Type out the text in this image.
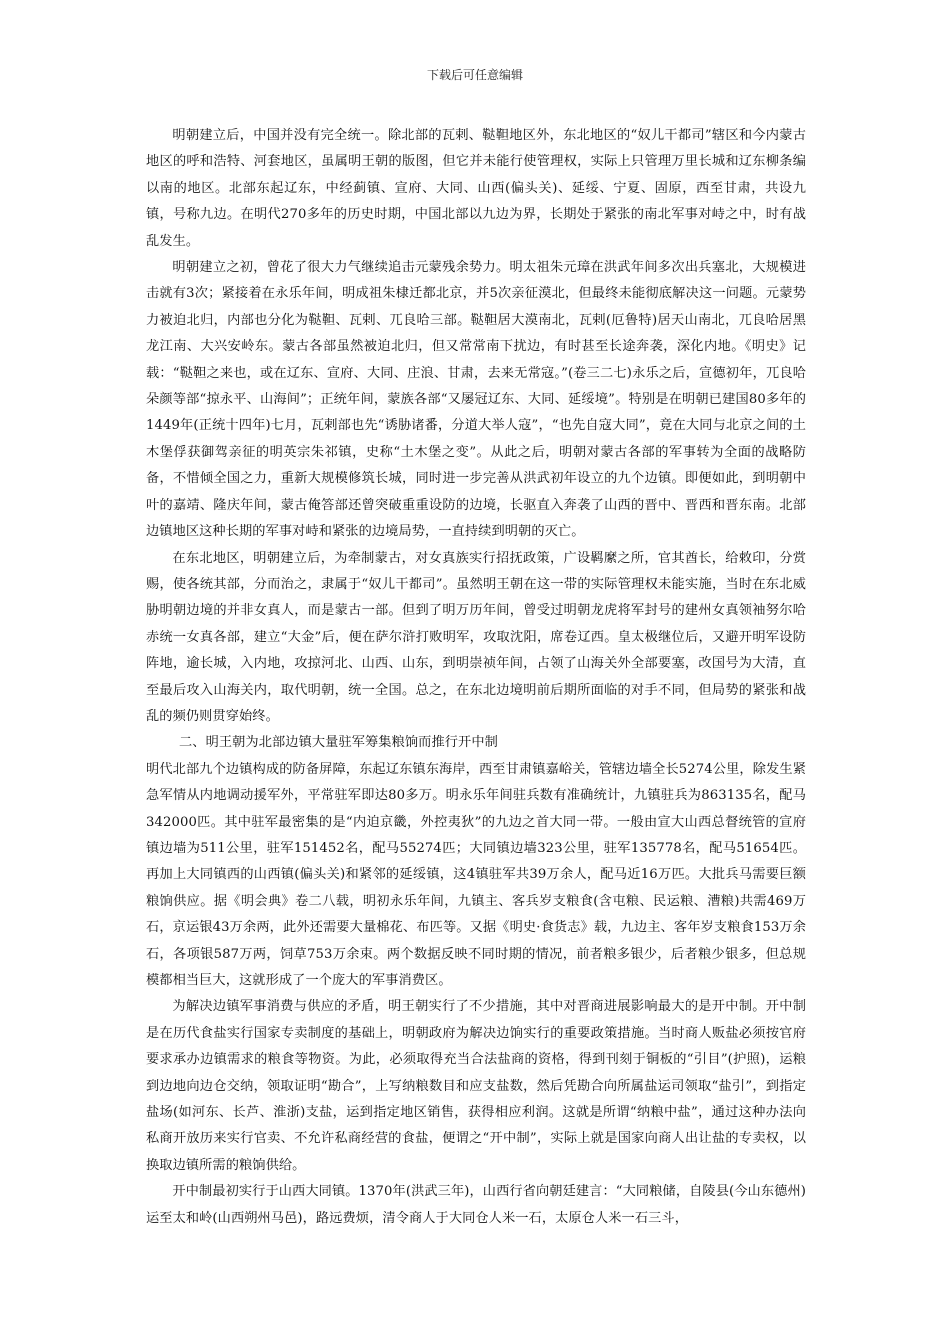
下载后可任意编辑

明朝建立后，中国并没有完全统一。除北部的瓦剌、鞑靼地区外，东北地区的“奴儿干都司”辖区和今内蒙古地区的呼和浩特、河套地区，虽属明王朝的版图，但它并未能行使管理权，实际上只管理万里长城和辽东柳条编以南的地区。北部东起辽东，中经蓟镇、宣府、大同、山西(偏头关)、延绥、宁夏、固原，西至甘肃，共设九镇，号称九边。在明代270多年的历史时期，中国北部以九边为界，长期处于紧张的南北军事对峙之中，时有战乱发生。

明朝建立之初，曾花了很大力气继续追击元蒙残余势力。明太祖朱元璋在洪武年间多次出兵塞北，大规模进击就有3次；紧接着在永乐年间，明成祖朱棣迁都北京，并5次亲征漠北，但最终未能彻底解决这一问题。元蒙势力被迫北归，内部也分化为鞑靼、瓦剌、兀良哈三部。鞑靼居大漠南北，瓦剌(厄鲁特)居天山南北，兀良哈居黑龙江南、大兴安岭东。蒙古各部虽然被迫北归，但又常常南下扰边，有时甚至长途奔袭，深化内地。《明史》记载：“鞑靼之来也，或在辽东、宣府、大同、庄浪、甘肃，去来无常寇。”(卷三二七)永乐之后，宣德初年，兀良哈朵颜等部“掠永平、山海间”；正统年间，蒙族各部“又屡冠辽东、大同、延绥境”。特别是在明朝已建国80多年的1449年(正统十四年)七月，瓦剌部也先“诱胁诸番，分道大举人寇”，“也先自寇大同”，竟在大同与北京之间的土木堡俘获御驾亲征的明英宗朱祁镇，史称“土木堡之变”。从此之后，明朝对蒙古各部的军事转为全面的战略防备，不惜倾全国之力，重新大规模修筑长城，同时进一步完善从洪武初年设立的九个边镇。即便如此，到明朝中叶的嘉靖、隆庆年间，蒙古俺答部还曾突破重重设防的边境，长驱直入奔袭了山西的晋中、晋西和晋东南。北部边镇地区这种长期的军事对峙和紧张的边境局势，一直持续到明朝的灭亡。

在东北地区，明朝建立后，为牵制蒙古，对女真族实行招抚政策，广设羁縻之所，官其酋长，给敕印，分赏赐，使各统其部，分而治之，隶属于“奴儿干都司”。虽然明王朝在这一带的实际管理权未能实施，当时在东北威胁明朝边境的并非女真人，而是蒙古一部。但到了明万历年间，曾受过明朝龙虎将军封号的建州女真领袖努尔哈赤统一女真各部，建立“大金”后，便在萨尔浒打败明军，攻取沈阳，席卷辽西。皇太极继位后，又避开明军设防阵地，逾长城，入内地，攻掠河北、山西、山东，到明崇祯年间，占领了山海关外全部要塞，改国号为大清，直至最后攻入山海关内，取代明朝，统一全国。总之，在东北边境明前后期所面临的对手不同，但局势的紧张和战乱的频仍则贯穿始终。

二、明王朝为北部边镇大量驻军筹集粮饷而推行开中制

明代北部九个边镇构成的防备屏障，东起辽东镇东海岸，西至甘肃镇嘉峪关，管辖边墙全长5274公里，除发生紧急军情从内地调动援军外，平常驻军即达80多万。明永乐年间驻兵数有准确统计，九镇驻兵为863135名，配马342000匹。其中驻军最密集的是“内迫京畿，外控夷狄”的九边之首大同一带。一般由宣大山西总督统管的宣府镇边墙为511公里，驻军151452名，配马55274匹；大同镇边墙323公里，驻军135778名，配马51654匹。再加上大同镇西的山西镇(偏头关)和紧邻的延绥镇，这4镇驻军共39万余人，配马近16万匹。大批兵马需要巨额粮饷供应。据《明会典》卷二八载，明初永乐年间，九镇主、客兵岁支粮食(含屯粮、民运粮、漕粮)共需469万石，京运银43万余两，此外还需要大量棉花、布匹等。又据《明史·食货志》载，九边主、客年岁支粮食153万余石，各项银587万两，饲草753万余束。两个数据反映不同时期的情况，前者粮多银少，后者粮少银多，但总规模都相当巨大，这就形成了一个庞大的军事消费区。

为解决边镇军事消费与供应的矛盾，明王朝实行了不少措施，其中对晋商进展影响最大的是开中制。开中制是在历代食盐实行国家专卖制度的基础上，明朝政府为解决边饷实行的重要政策措施。当时商人贩盐必须按官府要求承办边镇需求的粮食等物资。为此，必须取得充当合法盐商的资格，得到刊刻于铜板的“引目”(护照)，运粮到边地向边仓交纳，领取证明“勘合”，上写纳粮数目和应支盐数，然后凭勘合向所属盐运司领取“盐引”，到指定盐场(如河东、长芦、淮浙)支盐，运到指定地区销售，获得相应利润。这就是所谓“纳粮中盐”，通过这种办法向私商开放历来实行官卖、不允许私商经营的食盐，便谓之“开中制”，实际上就是国家向商人出让盐的专卖权，以换取边镇所需的粮饷供给。

开中制最初实行于山西大同镇。1370年(洪武三年)，山西行省向朝廷建言：“大同粮储，自陵县(今山东德州)运至太和岭(山西朔州马邑)，路远费烦，清令商人于大同仓人米一石，太原仓人米一石三斗，
